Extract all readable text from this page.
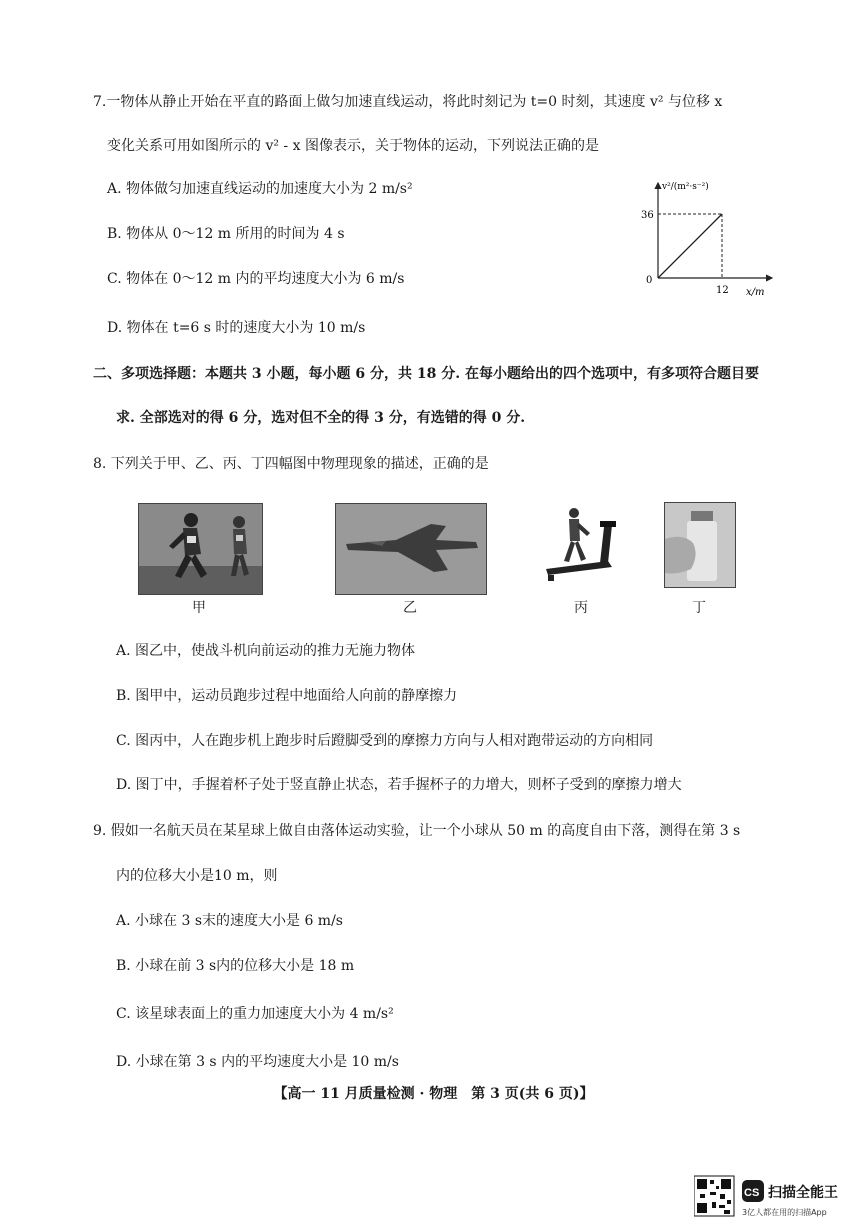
7.一物体从静止开始在平直的路面上做匀加速直线运动，将此时刻记为 t=0 时刻，其速度 v² 与位移 x
变化关系可用如图所示的 v² - x 图像表示，关于物体的运动，下列说法正确的是
A. 物体做匀加速直线运动的加速度大小为 2 m/s²
B. 物体从 0～12 m 所用的时间为 4 s
C. 物体在 0～12 m 内的平均速度大小为 6 m/s
D. 物体在 t=6 s 时的速度大小为 10 m/s
v²/(m²·s⁻²)
x/m
0
36
12
二、多项选择题：本题共 3 小题，每小题 6 分，共 18 分. 在每小题给出的四个选项中，有多项符合题目要
求. 全部选对的得 6 分，选对但不全的得 3 分，有选错的得 0 分.
8. 下列关于甲、乙、丙、丁四幅图中物理现象的描述，正确的是
甲	乙	丙	丁
A. 图乙中，使战斗机向前运动的推力无施力物体
B. 图甲中，运动员跑步过程中地面给人向前的静摩擦力
C. 图丙中，人在跑步机上跑步时后蹬脚受到的摩擦力方向与人相对跑带运动的方向相同
D. 图丁中，手握着杯子处于竖直静止状态，若手握杯子的力增大，则杯子受到的摩擦力增大
9. 假如一名航天员在某星球上做自由落体运动实验，让一个小球从 50 m 的高度自由下落，测得在第 3 s
内的位移大小是10 m，则
A. 小球在 3 s末的速度大小是 6 m/s
B. 小球在前 3 s内的位移大小是 18 m
C. 该星球表面上的重力加速度大小为 4 m/s²
D. 小球在第 3 s 内的平均速度大小是 10 m/s
【高一 11 月质量检测 · 物理　第 3 页(共 6 页)】
CS 扫描全能王
3亿人都在用的扫描App
